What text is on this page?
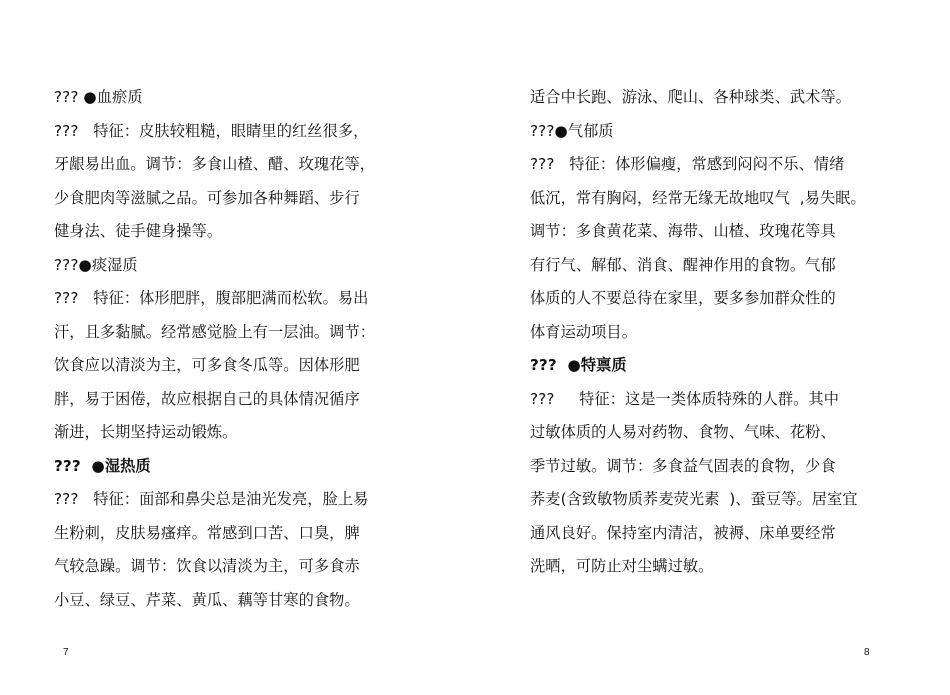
??? ●血瘀质
???   特征：皮肤较粗糙，眼睛里的红丝很多，
牙龈易出血。调节：多食山楂、醋、玫瑰花等，
少食肥肉等滋腻之品。可参加各种舞蹈、步行
健身法、徒手健身操等。
???●痰湿质
???   特征：体形肥胖，腹部肥满而松软。易出
汗，且多黏腻。经常感觉脸上有一层油。调节：
饮食应以清淡为主，可多食冬瓜等。因体形肥
胖，易于困倦，故应根据自己的具体情况循序
渐进，长期坚持运动锻炼。
???  ●湿热质
???   特征：面部和鼻尖总是油光发亮，脸上易
生粉刺，皮肤易瘙痒。常感到口苦、口臭，脾
气较急躁。调节：饮食以清淡为主，可多食赤
小豆、绿豆、芹菜、黄瓜、藕等甘寒的食物。
适合中长跑、游泳、爬山、各种球类、武术等。
???●气郁质
???   特征：体形偏瘦，常感到闷闷不乐、情绪
低沉，常有胸闷，经常无缘无故地叹气  ,易失眠。
调节：多食黄花菜、海带、山楂、玫瑰花等具
有行气、解郁、消食、醒神作用的食物。气郁
体质的人不要总待在家里，要多参加群众性的
体育运动项目。
???  ●特禀质
???     特征：这是一类体质特殊的人群。其中
过敏体质的人易对药物、食物、气味、花粉、
季节过敏。调节：多食益气固表的食物，少食
荞麦(含致敏物质荞麦荧光素  )、蚕豆等。居室宜
通风良好。保持室内清洁，被褥、床单要经常
洗晒，可防止对尘螨过敏。
7	8
